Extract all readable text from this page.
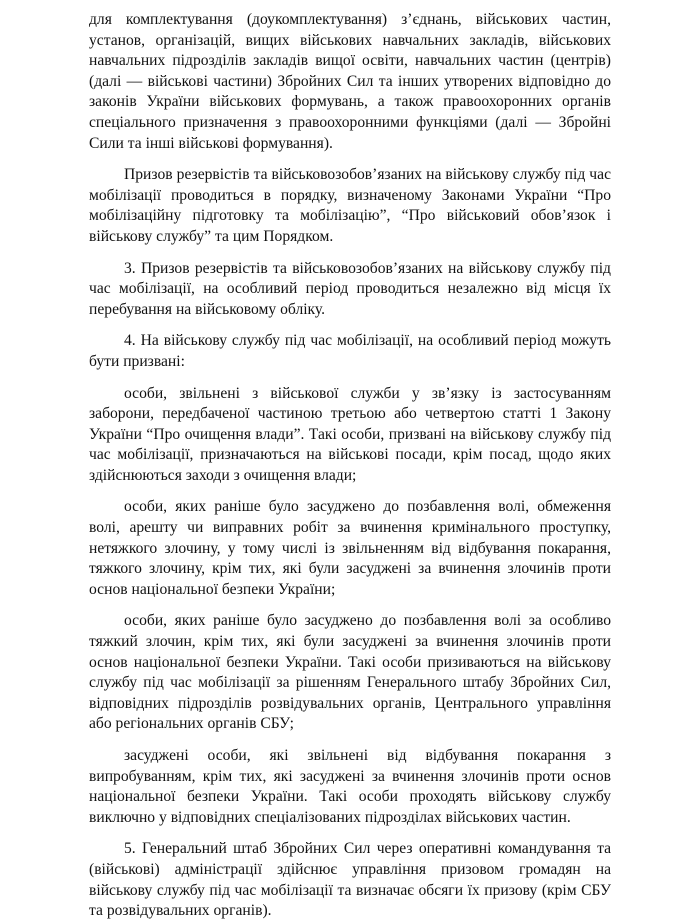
для комплектування (доукомплектування) з’єднань, військових частин, установ, організацій, вищих військових навчальних закладів, військових навчальних підрозділів закладів вищої освіти, навчальних частин (центрів) (далі — військові частини) Збройних Сил та інших утворених відповідно до законів України військових формувань, а також правоохоронних органів спеціального призначення з правоохоронними функціями (далі — Збройні Сили та інші військові формування).

Призов резервістів та військовозобов’язаних на військову службу під час мобілізації проводиться в порядку, визначеному Законами України “Про мобілізаційну підготовку та мобілізацію”, “Про військовий обов’язок і військову службу” та цим Порядком.

3. Призов резервістів та військовозобов’язаних на військову службу під час мобілізації, на особливий період проводиться незалежно від місця їх перебування на військовому обліку.

4. На військову службу під час мобілізації, на особливий період можуть бути призвані:

особи, звільнені з військової служби у зв’язку із застосуванням заборони, передбаченої частиною третьою або четвертою статті 1 Закону України “Про очищення влади”. Такі особи, призвані на військову службу під час мобілізації, призначаються на військові посади, крім посад, щодо яких здійснюються заходи з очищення влади;

особи, яких раніше було засуджено до позбавлення волі, обмеження волі, арешту чи виправних робіт за вчинення кримінального проступку, нетяжкого злочину, у тому числі із звільненням від відбування покарання, тяжкого злочину, крім тих, які були засуджені за вчинення злочинів проти основ національної безпеки України;

особи, яких раніше було засуджено до позбавлення волі за особливо тяжкий злочин, крім тих, які були засуджені за вчинення злочинів проти основ національної безпеки України. Такі особи призиваються на військову службу під час мобілізації за рішенням Генерального штабу Збройних Сил, відповідних підрозділів розвідувальних органів, Центрального управління або регіональних органів СБУ;

засуджені особи, які звільнені від відбування покарання з випробуванням, крім тих, які засуджені за вчинення злочинів проти основ національної безпеки України. Такі особи проходять військову службу виключно у відповідних спеціалізованих підрозділах військових частин.

5. Генеральний штаб Збройних Сил через оперативні командування та (військові) адміністрації здійснює управління призовом громадян на військову службу під час мобілізації та визначає обсяги їх призову (крім СБУ та розвідувальних органів).
